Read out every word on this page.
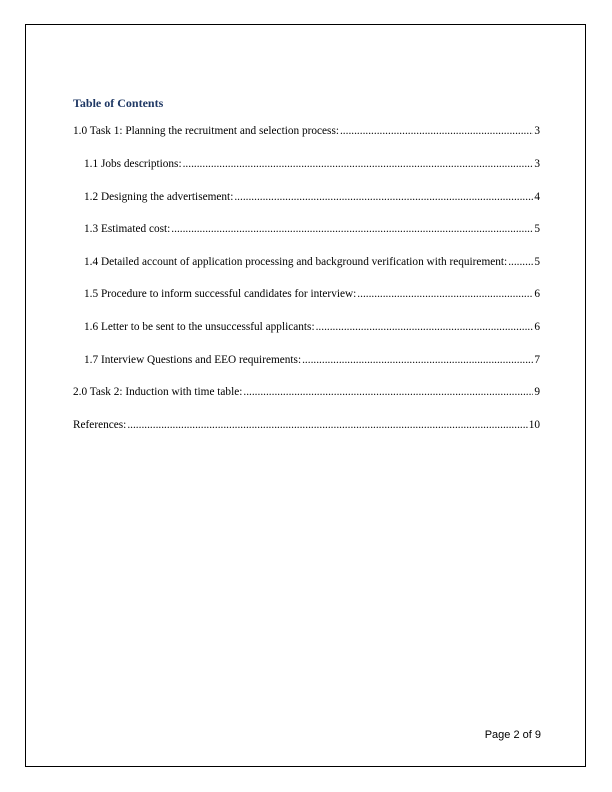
Table of Contents
1.0 Task 1: Planning the recruitment and selection process: .....	3
1.1 Jobs descriptions: .....	3
1.2 Designing the advertisement: .....	4
1.3 Estimated cost: .....	5
1.4 Detailed account of application processing and background verification with requirement: ..... 5
1.5 Procedure to inform successful candidates for interview: .....	6
1.6 Letter to be sent to the unsuccessful applicants: .....	6
1.7 Interview Questions and EEO requirements: .....	7
2.0 Task 2: Induction with time table: .....	9
References: .....	10
Page 2 of 9
